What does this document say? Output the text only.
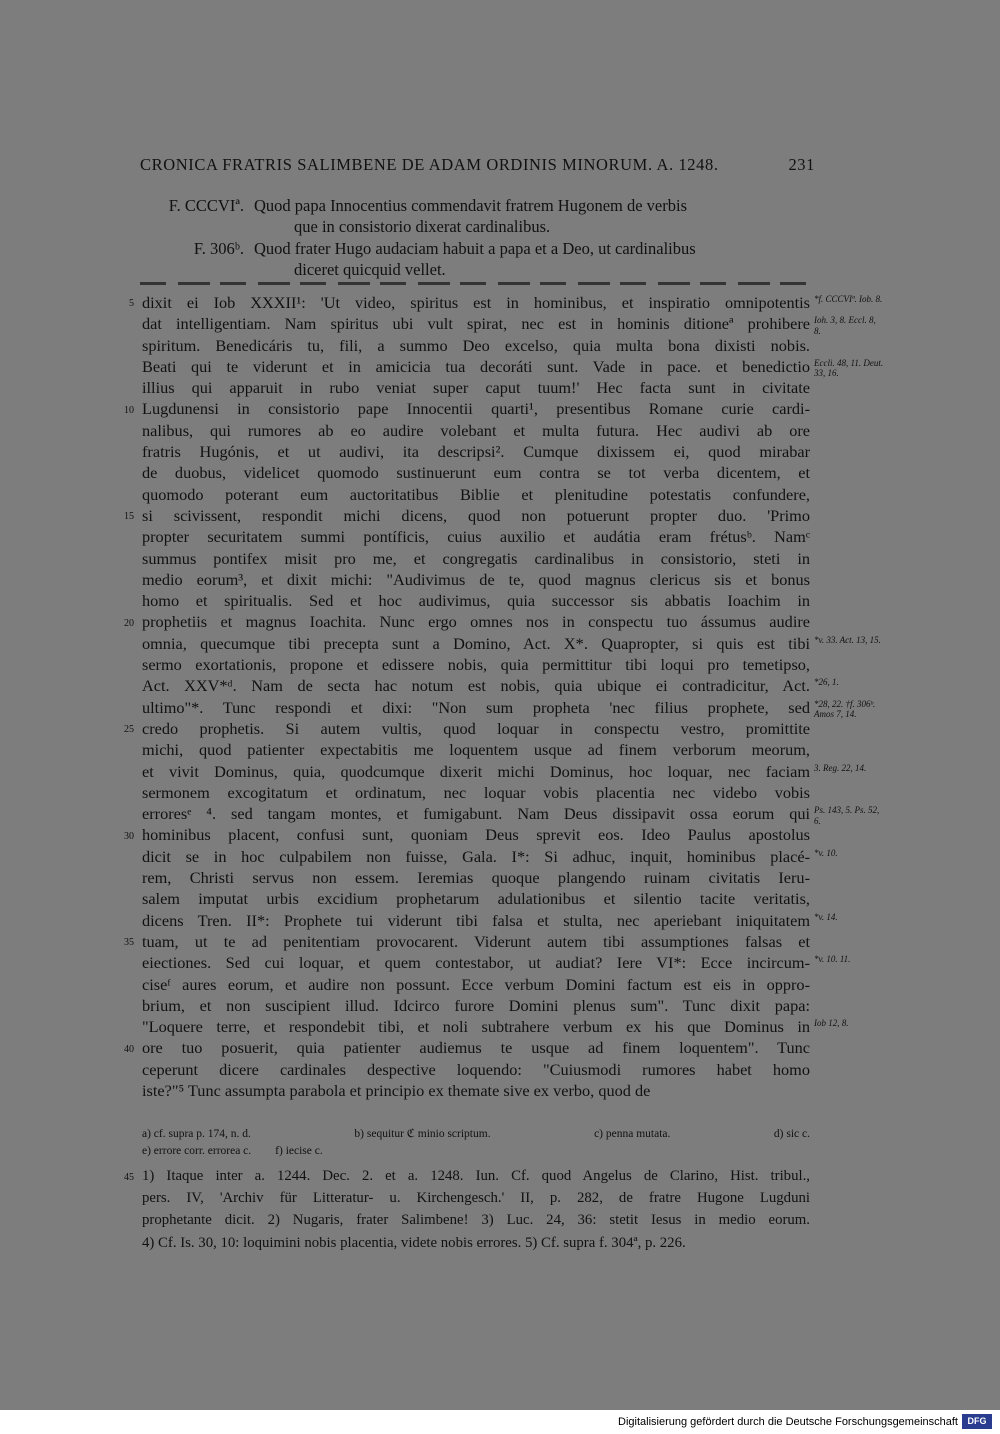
CRONICA FRATRIS SALIMBENE DE ADAM ORDINIS MINORUM. A. 1248.	231
F. CCCVIª. Quod papa Innocentius commendavit fratrem Hugonem de verbis
que in consistorio dixerat cardinalibus.
F. 306ᵇ. Quod frater Hugo audaciam habuit a papa et a Deo, ut cardinalibus
diceret quicquid vellet.
dixit ei Iob XXXII¹: 'Ut video, spiritus est in hominibus, et inspiratio omnipotentis
dat intelligentiam. Nam spiritus ubi vult spirat, nec est in hominis ditioneª prohibere
spiritum. Benedicáris tu, fili, a summo Deo excelso, quia multa bona dixisti nobis.
Beati qui te viderunt et in amicicia tua decoráti sunt. Vade in pace. et benedictio
illius qui apparuit in rubo veniat super caput tuum!' Hec facta sunt in civitate
Lugdunensi in consistorio pape Innocentii quarti¹, presentibus Romane curie cardi-
nalibus, qui rumores ab eo audire volebant et multa futura. Hec audivi ab ore
fratris Hugónis, et ut audivi, ita descripsi². Cumque dixissem ei, quod mirabar
de duobus, videlicet quomodo sustinuerunt eum contra se tot verba dicentem, et
quomodo poterant eum auctoritatibus Biblie et plenitudine potestatis confundere,
si scivissent, respondit michi dicens, quod non potuerunt propter duo. 'Primo
propter securitatem summi pontíficis, cuius auxilio et audátia eram frétusᵇ. Namᶜ
summus pontifex misit pro me, et congregatis cardinalibus in consistorio, steti in
medio eorum³, et dixit michi: "Audivimus de te, quod magnus clericus sis et bonus
homo et spiritualis. Sed et hoc audivimus, quia successor sis abbatis Ioachim in
prophetiis et magnus Ioachita. Nunc ergo omnes nos in conspectu tuo ássumus audire
omnia, quecumque tibi precepta sunt a Domino, Act. X*. Quapropter, si quis est tibi
sermo exortationis, propone et edissere nobis, quia permittitur tibi loqui pro temetipso,
Act. XXV*ᵈ. Nam de secta hac notum est nobis, quia ubique ei contradicitur, Act.
ultimo"*. Tunc respondi et dixi: "Non sum propheta 'nec filius prophete, sed
credo prophetis. Si autem vultis, quod loquar in conspectu vestro, promittite
michi, quod patienter expectabitis me loquentem usque ad finem verborum meorum,
et vivit Dominus, quia, quodcumque dixerit michi Dominus, hoc loquar, nec faciam
sermonem excogitatum et ordinatum, nec loquar vobis placentia nec videbo vobis
erroresᵉ ⁴. sed tangam montes, et fumigabunt. Nam Deus dissipavit ossa eorum qui
hominibus placent, confusi sunt, quoniam Deus sprevit eos. Ideo Paulus apostolus
dicit se in hoc culpabilem non fuisse, Gala. I*: Si adhuc, inquit, hominibus placé-
rem, Christi servus non essem. Ieremias quoque plangendo ruinam civitatis Ieru-
salem imputat urbis excidium prophetarum adulationibus et silentio tacite veritatis,
dicens Tren. II*: Prophete tui viderunt tibi falsa et stulta, nec aperiebant iniquitatem
tuam, ut te ad penitentiam provocarent. Viderunt autem tibi assumptiones falsas et
eiectiones. Sed cui loquar, et quem contestabor, ut audiat? Iere VI*: Ecce incircum-
ciseᶠ aures eorum, et audire non possunt. Ecce verbum Domini factum est eis in oppro-
brium, et non suscipient illud. Idcirco furore Domini plenus sum". Tunc dixit papa:
"Loquere terre, et respondebit tibi, et noli subtrahere verbum ex his que Dominus in
ore tuo posuerit, quia patienter audiemus te usque ad finem loquentem". Tunc
ceperunt dicere cardinales despective loquendo: "Cuiusmodi rumores habet homo
iste?"⁵ Tunc assumpta parabola et principio ex themate sive ex verbo, quod de
5
10
15
20
25
30
35
40
*f. CCCVIª. Iob. 8.
Ioh. 3, 8. Eccl. 8, 8.
Eccli. 48, 11. Deut. 33, 16.
*v. 33. Act. 13, 15.
*26, 1.
*28, 22. †f. 306ᵇ. Amos 7, 14.
3. Reg. 22, 14.
Ps. 143, 5. Ps. 52, 6.
*v. 10.
*v. 14.
*v. 10. 11.
Iob 12, 8.
a) cf. supra p. 174, n. d.	b) sequitur ℭ minio scriptum.	c) penna mutata.	d) sic c.
e) errore corr. errorea c. f) iecise c.
45 1) Itaque inter a. 1244. Dec. 2. et a. 1248. Iun. Cf. quod Angelus de Clarino, Hist. tribul.,
pers. IV, 'Archiv für Litteratur- u. Kirchengesch.' II, p. 282, de fratre Hugone Lugduni
prophetante dicit. 2) Nugaris, frater Salimbene! 3) Luc. 24, 36: stetit Iesus in medio eorum.
4) Cf. Is. 30, 10: loquimini nobis placentia, videte nobis errores. 5) Cf. supra f. 304ª, p. 226.
Digitalisierung gefördert durch die Deutsche Forschungsgemeinschaft	DFG
